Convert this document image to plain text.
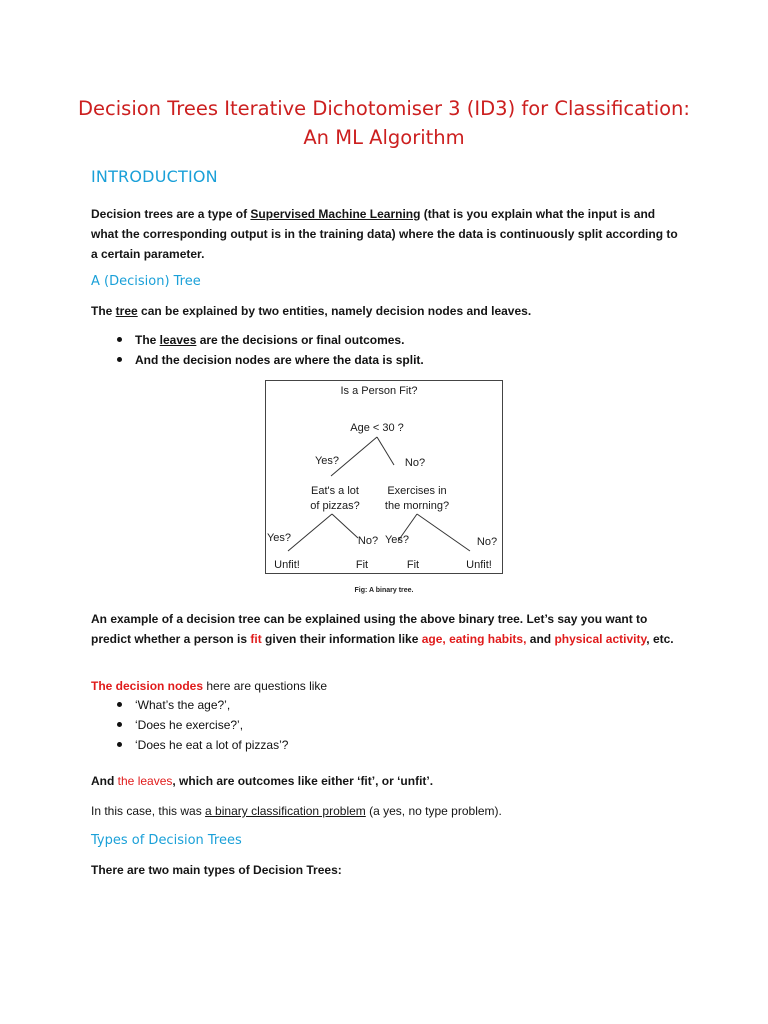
Decision Trees Iterative Dichotomiser 3 (ID3) for Classification:
An ML Algorithm
INTRODUCTION
Decision trees are a type of Supervised Machine Learning (that is you explain what the input is and what the corresponding output is in the training data) where the data is continuously split according to a certain parameter.
A (Decision) Tree
The tree can be explained by two entities, namely decision nodes and leaves.
The leaves are the decisions or final outcomes.
And the decision nodes are where the data is split.
Is a Person Fit?
Age < 30 ?
Yes?	No?
Eat's a lot
of pizzas?
Exercises in
the morning?
Yes?	No? Yes?	No?
Unfit!	Fit	Fit	Unfit!
Fig: A binary tree.
An example of a decision tree can be explained using the above binary tree. Let’s say you want to predict whether a person is fit given their information like age, eating habits, and physical activity, etc.
The decision nodes here are questions like
‘What’s the age?’,
‘Does he exercise?’,
‘Does he eat a lot of pizzas’?
And the leaves, which are outcomes like either ‘fit’, or ‘unfit’.
In this case, this was a binary classification problem (a yes, no type problem).
Types of Decision Trees
There are two main types of Decision Trees:
